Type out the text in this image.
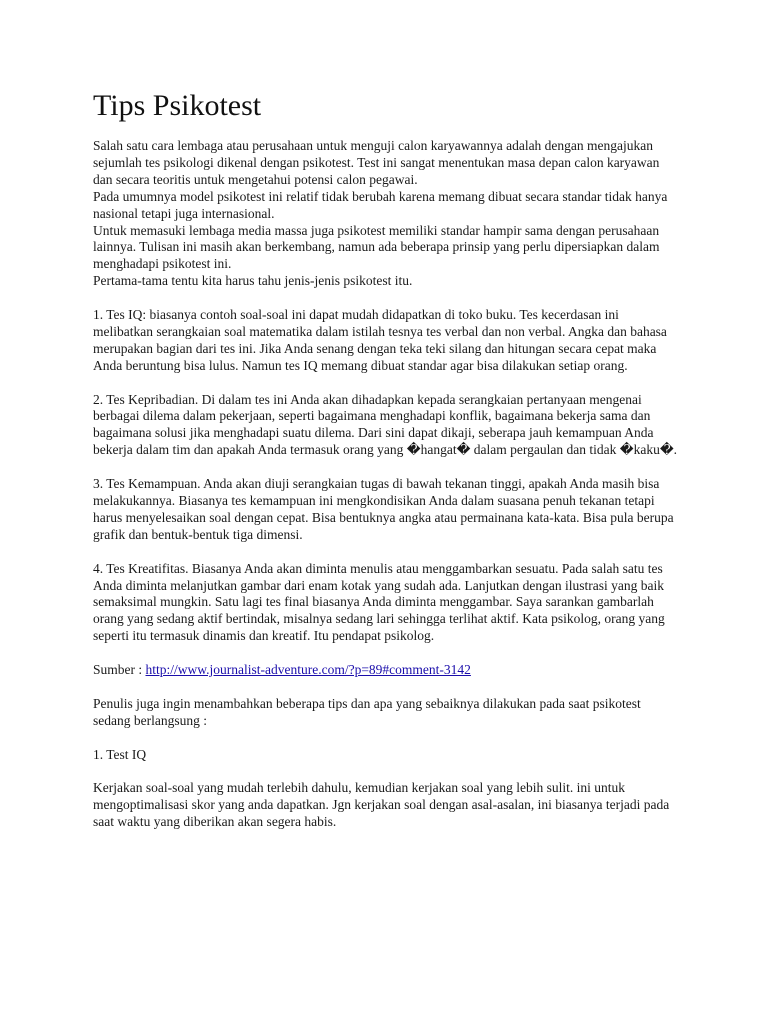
Tips Psikotest

Salah satu cara lembaga atau perusahaan untuk menguji calon karyawannya adalah dengan mengajukan sejumlah tes psikologi dikenal dengan psikotest. Test ini sangat menentukan masa depan calon karyawan dan secara teoritis untuk mengetahui potensi calon pegawai.

Pada umumnya model psikotest ini relatif tidak berubah karena memang dibuat secara standar tidak hanya nasional tetapi juga internasional.

Untuk memasuki lembaga media massa juga psikotest memiliki standar hampir sama dengan perusahaan lainnya. Tulisan ini masih akan berkembang, namun ada beberapa prinsip yang perlu dipersiapkan dalam menghadapi psikotest ini.

Pertama-tama tentu kita harus tahu jenis-jenis psikotest itu.

1. Tes IQ: biasanya contoh soal-soal ini dapat mudah didapatkan di toko buku. Tes kecerdasan ini melibatkan serangkaian soal matematika dalam istilah tesnya tes verbal dan non verbal. Angka dan bahasa merupakan bagian dari tes ini. Jika Anda senang dengan teka teki silang dan hitungan secara cepat maka Anda beruntung bisa lulus. Namun tes IQ memang dibuat standar agar bisa dilakukan setiap orang.

2. Tes Kepribadian. Di dalam tes ini Anda akan dihadapkan kepada serangkaian pertanyaan mengenai berbagai dilema dalam pekerjaan, seperti bagaimana menghadapi konflik, bagaimana bekerja sama dan bagaimana solusi jika menghadapi suatu dilema. Dari sini dapat dikaji, seberapa jauh kemampuan Anda bekerja dalam tim dan apakah Anda termasuk orang yang �hangat� dalam pergaulan dan tidak �kaku�.

3. Tes Kemampuan. Anda akan diuji serangkaian tugas di bawah tekanan tinggi, apakah Anda masih bisa melakukannya. Biasanya tes kemampuan ini mengkondisikan Anda dalam suasana penuh tekanan tetapi harus menyelesaikan soal dengan cepat. Bisa bentuknya angka atau permainana kata-kata. Bisa pula berupa grafik dan bentuk-bentuk tiga dimensi.

4. Tes Kreatifitas. Biasanya Anda akan diminta menulis atau menggambarkan sesuatu. Pada salah satu tes Anda diminta melanjutkan gambar dari enam kotak yang sudah ada. Lanjutkan dengan ilustrasi yang baik semaksimal mungkin. Satu lagi tes final biasanya Anda diminta menggambar. Saya sarankan gambarlah orang yang sedang aktif bertindak, misalnya sedang lari sehingga terlihat aktif. Kata psikolog, orang yang seperti itu termasuk dinamis dan kreatif. Itu pendapat psikolog.

Sumber : http://www.journalist-adventure.com/?p=89#comment-3142

Penulis juga ingin menambahkan beberapa tips dan apa yang sebaiknya dilakukan pada saat psikotest sedang berlangsung :

1. Test IQ

Kerjakan soal-soal yang mudah terlebih dahulu, kemudian kerjakan soal yang lebih sulit. ini untuk mengoptimalisasi skor yang anda dapatkan. Jgn kerjakan soal dengan asal-asalan, ini biasanya terjadi pada saat waktu yang diberikan akan segera habis.
